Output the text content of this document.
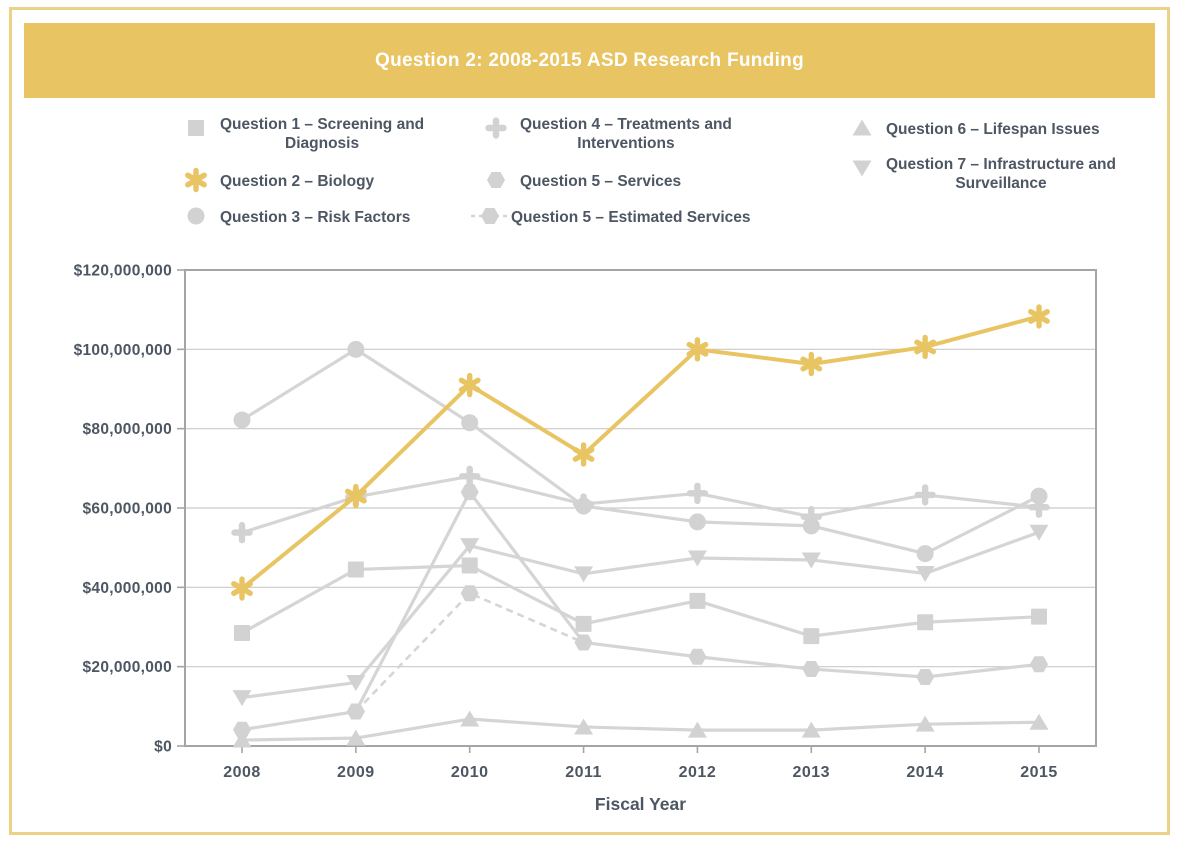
Question 2: 2008-2015 ASD Research Funding
Question 1 – Screening and
Diagnosis
Question 2 – Biology
Question 3 – Risk Factors
Question 4 – Treatments and
Interventions
Question 5 – Services
Question 5 – Estimated Services
Question 6 – Lifespan Issues
Question 7 – Infrastructure and
Surveillance
$0
$20,000,000
$40,000,000
$60,000,000
$80,000,000
$100,000,000
$120,000,000
2008	2009	2010	2011	2012	2013	2014	2015
Fiscal Year
